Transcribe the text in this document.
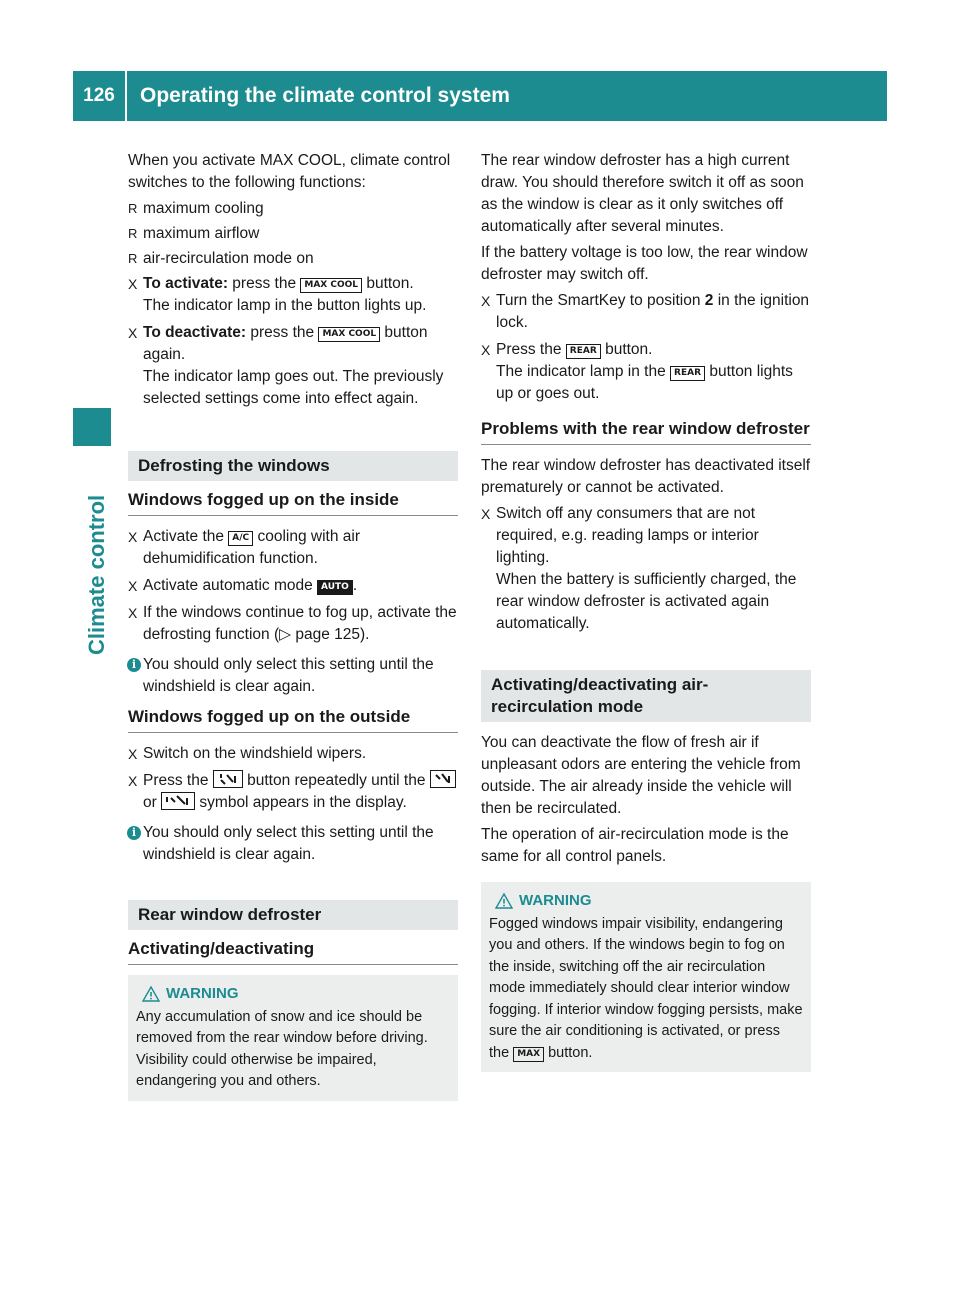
126	Operating the climate control system
Climate control

When you activate MAX COOL, climate control switches to the following functions:

R maximum cooling
R maximum airflow
R air-recirculation mode on
X To activate: press the MAX COOL button.
The indicator lamp in the button lights up.
X To deactivate: press the MAX COOL button again.
The indicator lamp goes out. The previously selected settings come into effect again.
Defrosting the windows
Windows fogged up on the inside
X Activate the A/C cooling with air dehumidification function.
X Activate automatic mode AUTO .
X If the windows continue to fog up, activate the defrosting function (▷ page 125).
i You should only select this setting until the windshield is clear again.
Windows fogged up on the outside
X Switch on the windshield wipers.
X Press the  button repeatedly until the  or  symbol appears in the display.
i You should only select this setting until the windshield is clear again.
Rear window defroster
Activating/deactivating
WARNING
Any accumulation of snow and ice should be removed from the rear window before driving. Visibility could otherwise be impaired, endangering you and others.

The rear window defroster has a high current draw. You should therefore switch it off as soon as the window is clear as it only switches off automatically after several minutes.

If the battery voltage is too low, the rear window defroster may switch off.

X Turn the SmartKey to position 2 in the ignition lock.
X Press the REAR button.
The indicator lamp in the REAR button lights up or goes out.
Problems with the rear window defroster

The rear window defroster has deactivated itself prematurely or cannot be activated.

X Switch off any consumers that are not required, e.g. reading lamps or interior lighting.
When the battery is sufficiently charged, the rear window defroster is activated again automatically.
Activating/deactivating air-recirculation mode

You can deactivate the flow of fresh air if unpleasant odors are entering the vehicle from outside. The air already inside the vehicle will then be recirculated.

The operation of air-recirculation mode is the same for all control panels.

WARNING
Fogged windows impair visibility, endangering you and others. If the windows begin to fog on the inside, switching off the air recirculation mode immediately should clear interior window fogging. If interior window fogging persists, make sure the air conditioning is activated, or press the MAX button.
